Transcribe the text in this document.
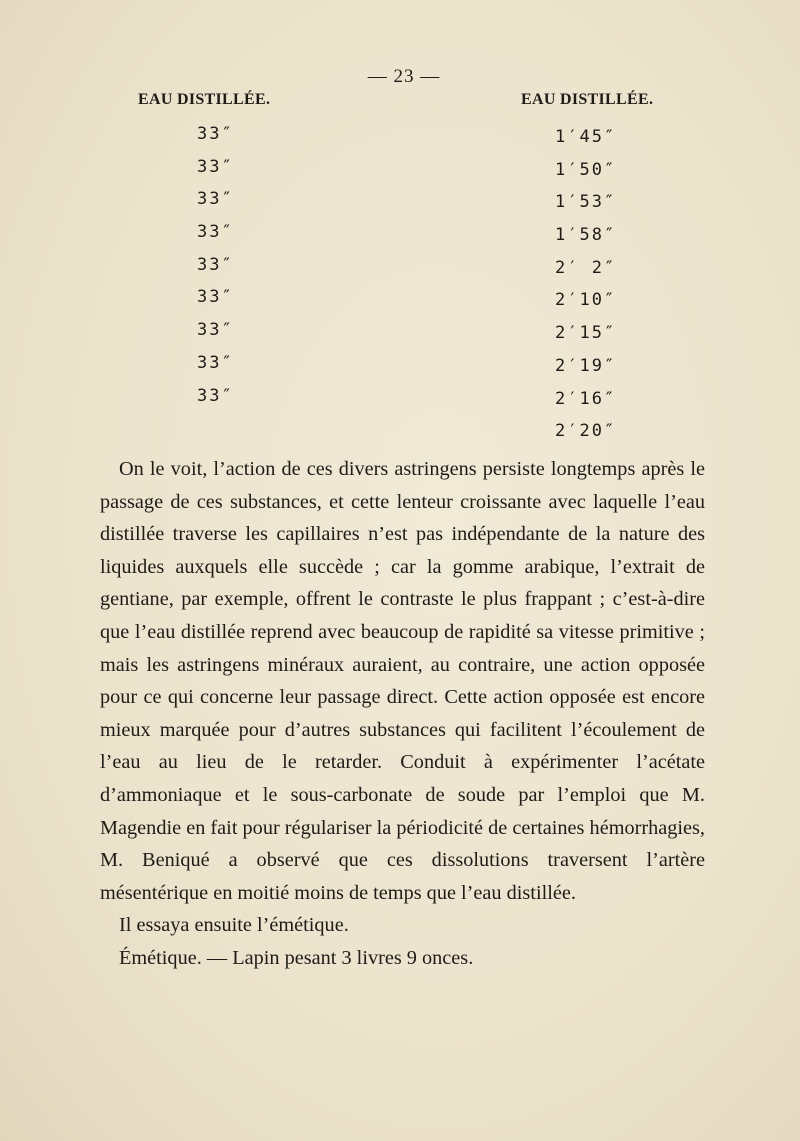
— 23 —
EAU DISTILLÉE.	EAU DISTILLÉE.
33″
33″
33″
33″
33″
33″
33″
33″
33″
1′45″
1′50″
1′53″
1′58″
2′ 2″
2′10″
2′15″
2′19″
2′16″
2′20″

On le voit, l’action de ces divers astringens persiste longtemps après le passage de ces substances, et cette lenteur croissante avec laquelle l’eau distillée traverse les capillaires n’est pas indépendante de la nature des liquides auxquels elle succède ; car la gomme arabique, l’extrait de gentiane, par exemple, offrent le contraste le plus frappant ; c’est-à-dire que l’eau distillée reprend avec beaucoup de rapidité sa vitesse primitive ; mais les astringens minéraux auraient, au contraire, une action opposée pour ce qui concerne leur passage direct. Cette action opposée est encore mieux marquée pour d’autres substances qui facilitent l’écoulement de l’eau au lieu de le retarder. Conduit à expérimenter l’acétate d’ammoniaque et le sous-carbonate de soude par l’emploi que M. Magendie en fait pour régulariser la périodicité de certaines hémorrhagies, M. Beniqué a observé que ces dissolutions traversent l’artère mésentérique en moitié moins de temps que l’eau distillée.

Il essaya ensuite l’émétique.

Émétique. — Lapin pesant 3 livres 9 onces.
